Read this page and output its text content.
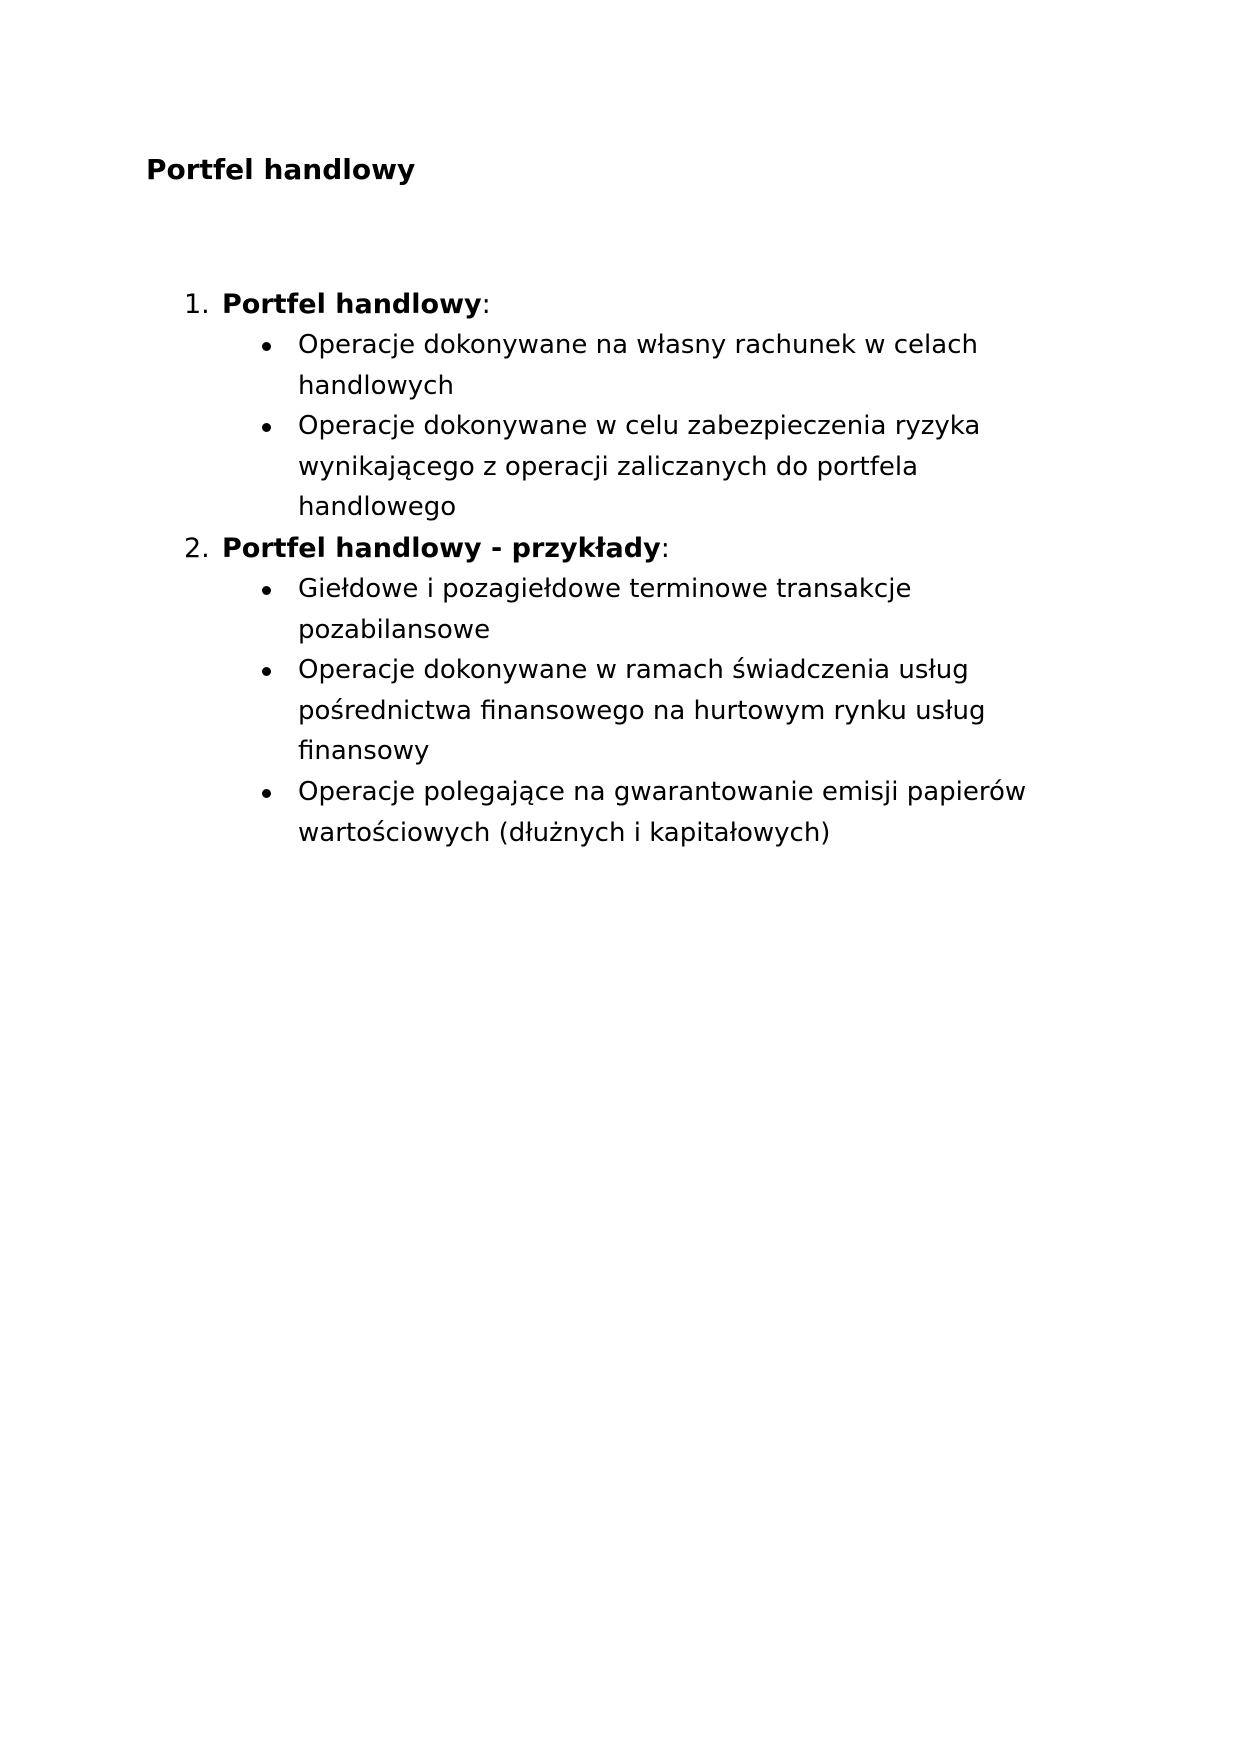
Portfel handlowy
1. Portfel handlowy:
Operacje dokonywane na własny rachunek w celach handlowych
Operacje dokonywane w celu zabezpieczenia ryzyka wynikającego z operacji zaliczanych do portfela handlowego
2. Portfel handlowy - przykłady:
Giełdowe i pozagiełdowe terminowe transakcje pozabilansowe
Operacje dokonywane w ramach świadczenia usług pośrednictwa finansowego na hurtowym rynku usług finansowy
Operacje polegające na gwarantowanie emisji papierów wartościowych (dłużnych i kapitałowych)
